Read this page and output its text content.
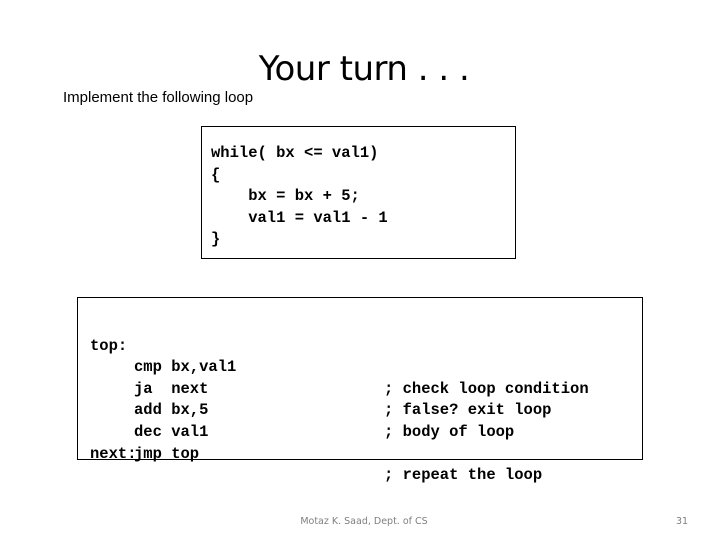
Your turn . . .
Implement the following loop
while( bx <= val1)
{
bx = bx + 5;
val1 = val1 - 1
}

top:

cmp bx,val1

; check loop condition

ja  next

; false? exit loop

add bx,5

; body of loop

dec val1

jmp top

; repeat the loop

next:

Motaz K. Saad, Dept. of CS	31
